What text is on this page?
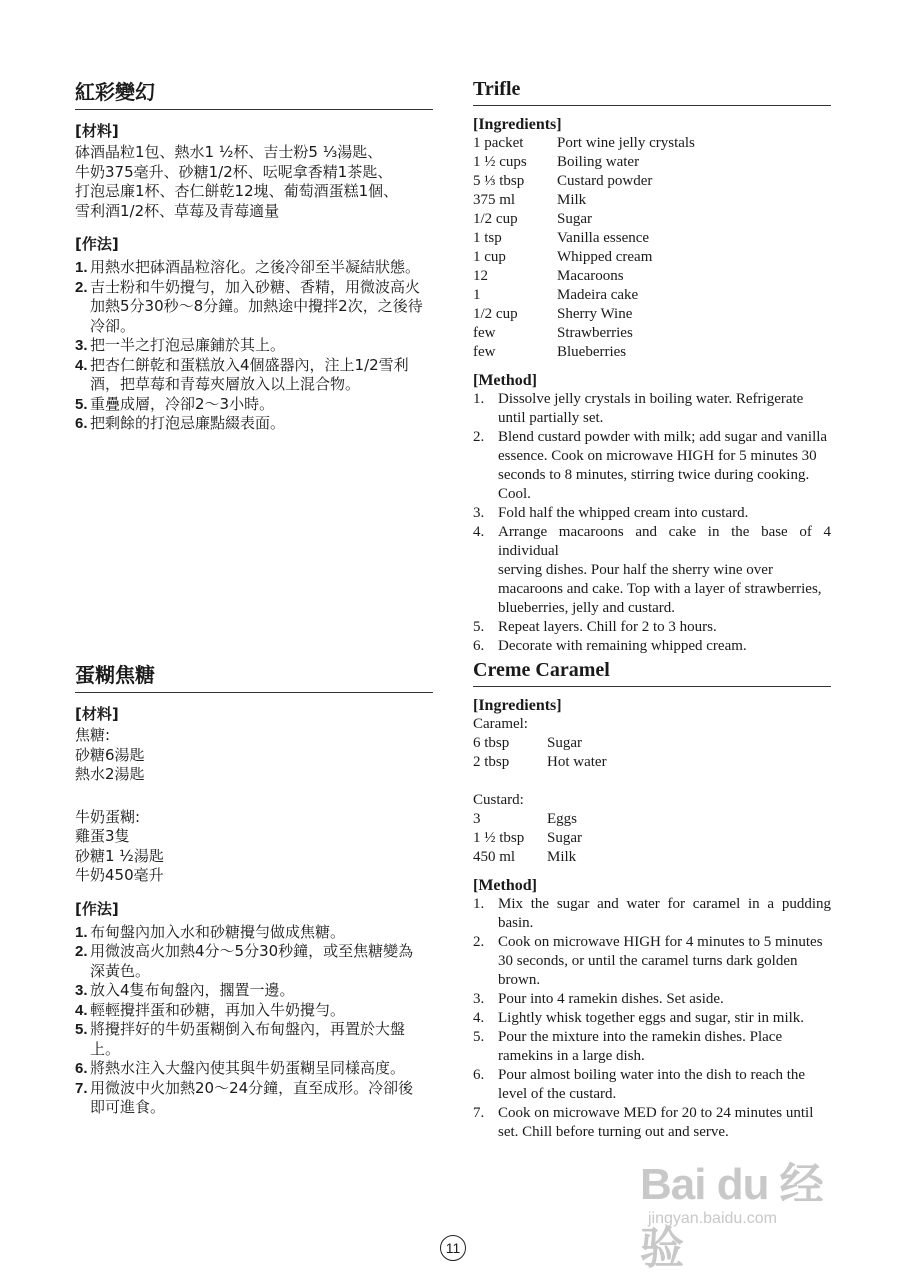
紅彩變幻
[材料]
砵酒晶粒1包、熱水1 ½杯、吉士粉5 ⅓湯匙、
牛奶375毫升、砂糖1/2杯、呍呢拿香精1茶匙、
打泡忌廉1杯、杏仁餅乾12塊、葡萄酒蛋糕1個、
雪利酒1/2杯、草莓及青莓適量
[作法]
1. 用熱水把砵酒晶粒溶化。之後冷卻至半凝結狀態。
2. 吉士粉和牛奶攪勻，加入砂糖、香精，用微波高火
加熱5分30秒～8分鐘。加熱途中攪拌2次，之後待
冷卻。
3. 把一半之打泡忌廉鋪於其上。
4. 把杏仁餅乾和蛋糕放入4個盛器內，注上1/2雪利
酒，把草莓和青莓夾層放入以上混合物。
5. 重疊成層，冷卻2～3小時。
6. 把剩餘的打泡忌廉點綴表面。
Trifle
[Ingredients]
1 packet	Port wine jelly crystals
1 ½ cups	Boiling water
5 ⅓ tbsp	Custard powder
375 ml	Milk
1/2 cup	Sugar
1 tsp	Vanilla essence
1 cup	Whipped cream
12	Macaroons
1	Madeira cake
1/2 cup	Sherry Wine
few	Strawberries
few	Blueberries
[Method]
1. Dissolve jelly crystals in boiling water. Refrigerate
until partially set.
2. Blend custard powder with milk; add sugar and vanilla
essence. Cook on microwave HIGH for 5 minutes 30
seconds to 8 minutes, stirring twice during cooking.
Cool.
3. Fold half the whipped cream into custard.
4. Arrange macaroons and cake in the base of 4 individual
serving dishes. Pour half the sherry wine over
macaroons and cake. Top with a layer of strawberries,
blueberries, jelly and custard.
5. Repeat layers. Chill for 2 to 3 hours.
6. Decorate with remaining whipped cream.
蛋糊焦糖
[材料]
焦糖:
砂糖6湯匙
熱水2湯匙
牛奶蛋糊:
雞蛋3隻
砂糖1 ½湯匙
牛奶450毫升
[作法]
1. 布甸盤內加入水和砂糖攪勻做成焦糖。
2. 用微波高火加熱4分～5分30秒鐘，或至焦糖變為
深黃色。
3. 放入4隻布甸盤內，擱置一邊。
4. 輕輕攪拌蛋和砂糖，再加入牛奶攪勻。
5. 將攪拌好的牛奶蛋糊倒入布甸盤內，再置於大盤
上。
6. 將熱水注入大盤內使其與牛奶蛋糊呈同樣高度。
7. 用微波中火加熱20～24分鐘，直至成形。冷卻後
即可進食。
Creme Caramel
[Ingredients]
Caramel:
6 tbsp	Sugar
2 tbsp	Hot water
Custard:
3	Eggs
1 ½ tbsp	Sugar
450 ml	Milk
[Method]
1. Mix the sugar and water for caramel in a pudding basin.
2. Cook on microwave HIGH for 4 minutes to 5 minutes
30 seconds, or until the caramel turns dark golden
brown.
3. Pour into 4 ramekin dishes. Set aside.
4. Lightly whisk together eggs and sugar, stir in milk.
5. Pour the mixture into the ramekin dishes. Place
ramekins in a large dish.
6. Pour almost boiling water into the dish to reach the
level of the custard.
7. Cook on microwave MED for 20 to 24 minutes until
set. Chill before turning out and serve.
Bai du 经验
jingyan.baidu.com
11
